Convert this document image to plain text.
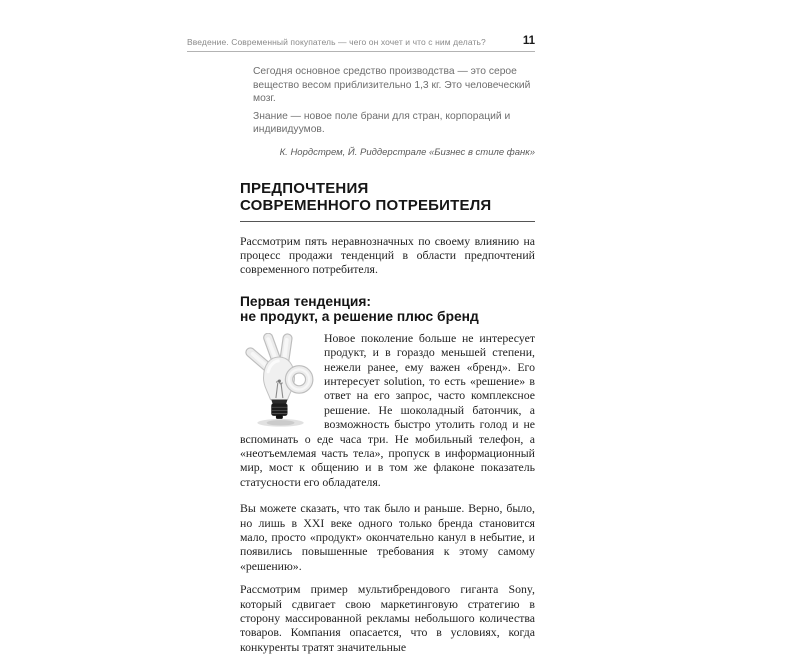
Введение. Современный покупатель — чего он хочет и что с ним делать?	11

Сегодня основное средство производства — это серое вещество весом приблизительно 1,3 кг. Это человеческий мозг.

Знание — новое поле брани для стран, корпораций и индивидуумов.

К. Нордстрем, Й. Риддерстрале «Бизнес в стиле фанк»
ПРЕДПОЧТЕНИЯ
СОВРЕМЕННОГО ПОТРЕБИТЕЛЯ

Рассмотрим пять неравнозначных по своему влиянию на процесс продажи тенденций в области предпочтений современного потребителя.

Первая тенденция:
не продукт, а решение плюс бренд

Новое поколение больше не интересует продукт, и в гораздо меньшей степени, нежели ранее, ему важен «бренд». Его интересует solution, то есть «решение» в ответ на его запрос, часто комплексное решение. Не шоколадный батончик, а возможность быстро утолить голод и не вспоминать о еде часа три. Не мобильный телефон, а «неотъемлемая часть тела», пропуск в информационный мир, мост к общению и в том же флаконе показатель статусности его обладателя.

Вы можете сказать, что так было и раньше. Верно, было, но лишь в XXI веке одного только бренда становится мало, просто «продукт» окончательно канул в небытие, и появились повышенные требования к этому самому «решению».

Рассмотрим пример мультибрендового гиганта Sony, который сдвигает свою маркетинговую стратегию в сторону массированной рекламы небольшого количества товаров. Компания опасается, что в условиях, когда конкуренты тратят значительные
